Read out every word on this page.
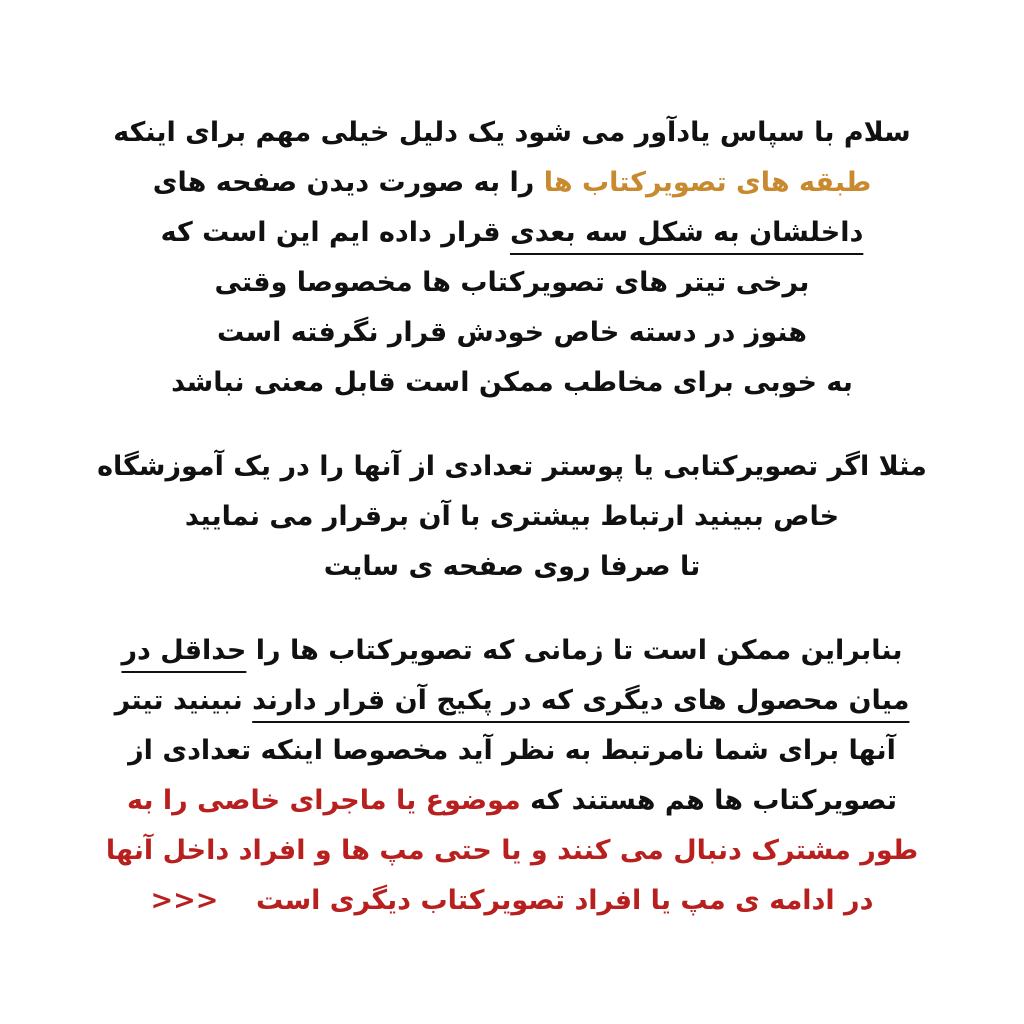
سلام با سپاس یادآور می شود یک دلیل خیلی مهم برای اینکه
طبقه های تصویرکتاب ها را به صورت دیدن صفحه های
داخلشان به شکل سه بعدی قرار داده ایم این است که
برخی تیتر های تصویرکتاب ها مخصوصا وقتی
هنوز در دسته خاص خودش قرار نگرفته است
به خوبی برای مخاطب ممکن است قابل معنی نباشد
مثلا اگر تصویرکتابی یا پوستر تعدادی از آنها را در یک آموزشگاه
خاص ببینید ارتباط بیشتری با آن برقرار می نمایید
تا صرفا روی صفحه ی سایت
بنابراین ممکن است تا زمانی که تصویرکتاب ها را حداقل در
میان محصول های دیگری که در پکیج آن قرار دارند نبینید تیتر
آنها برای شما نامرتبط به نظر آید مخصوصا اینکه تعدادی از
تصویرکتاب ها هم هستند که موضوع یا ماجرای خاصی را به
طور مشترک دنبال می کنند و یا حتی مپ ها و افراد داخل آنها
در ادامه ی مپ یا افراد تصویرکتاب دیگری است    >>>
